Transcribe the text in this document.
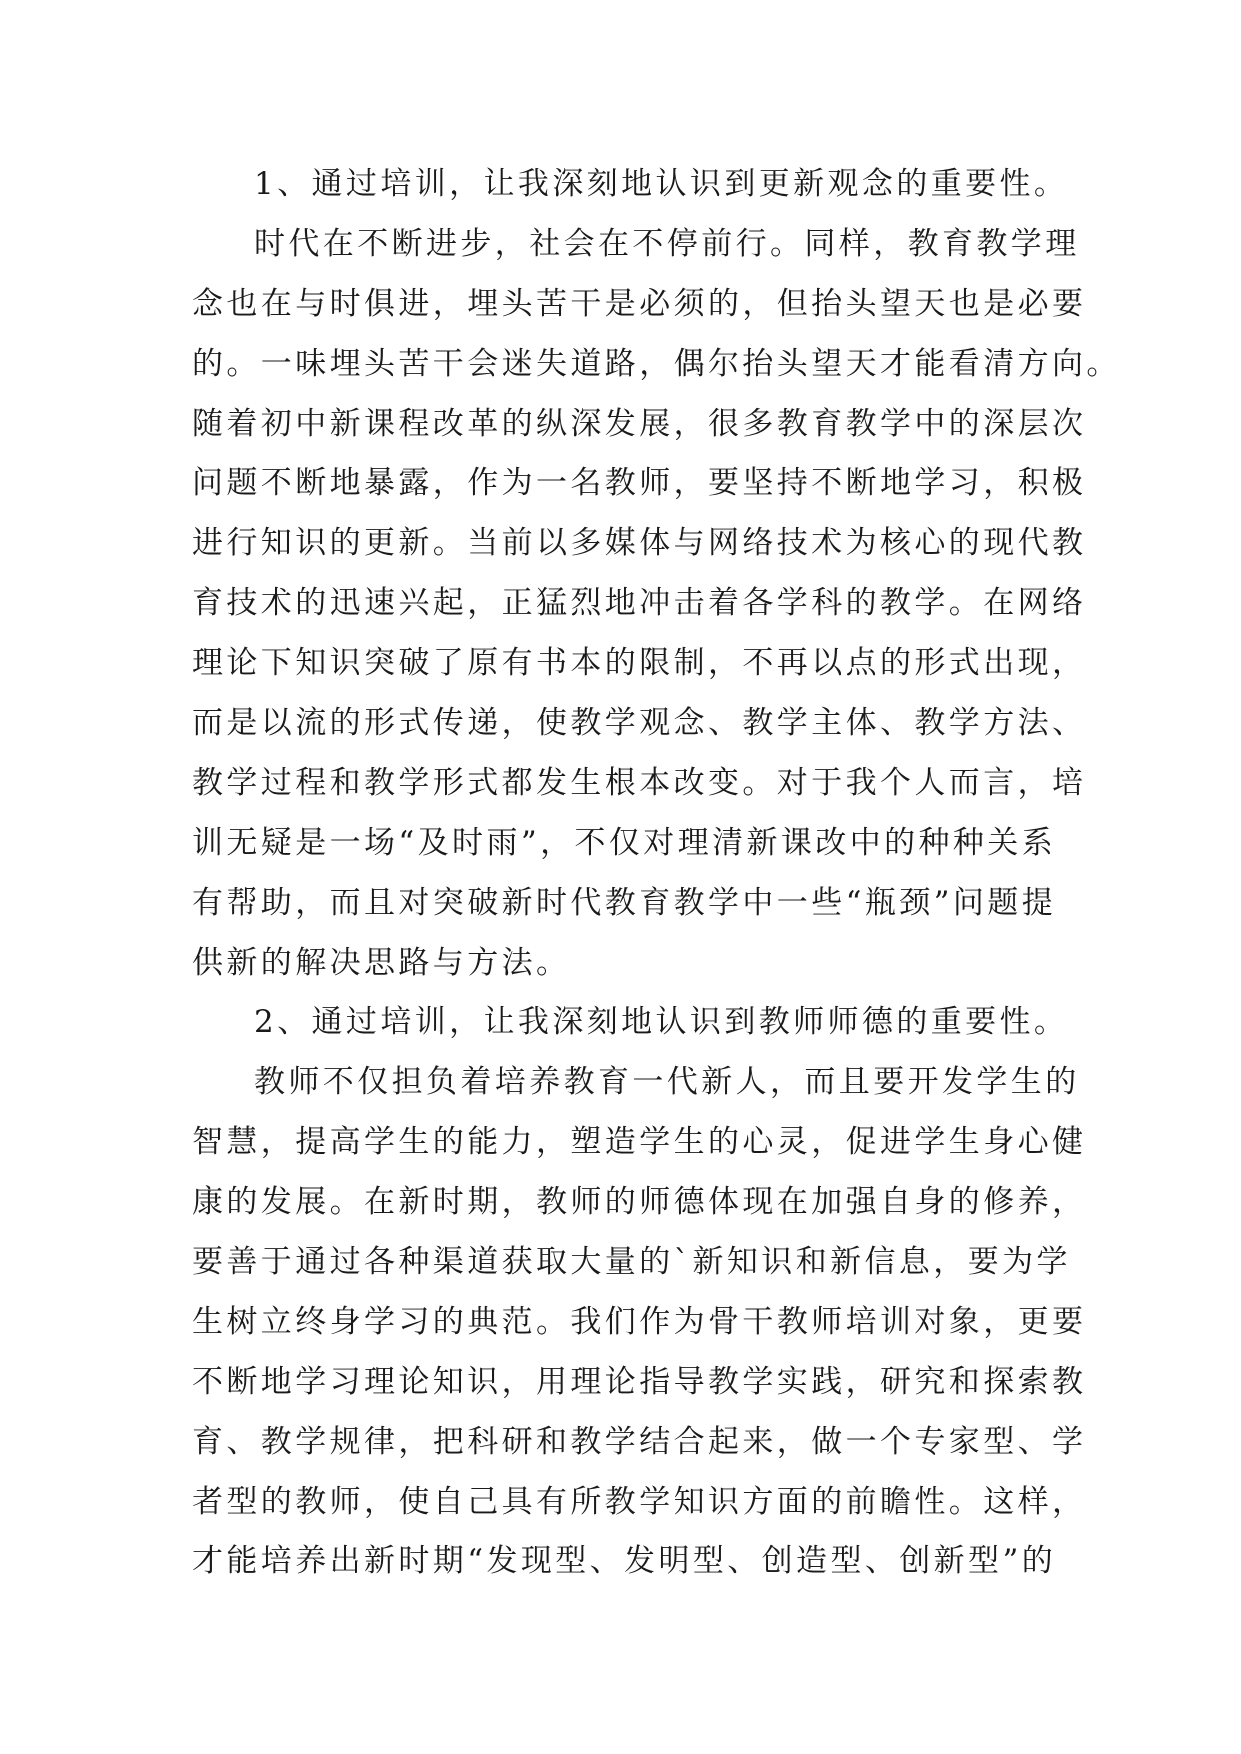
1、通过培训，让我深刻地认识到更新观念的重要性。
时代在不断进步，社会在不停前行。同样，教育教学理
念也在与时俱进，埋头苦干是必须的，但抬头望天也是必要
的。一味埋头苦干会迷失道路，偶尔抬头望天才能看清方向。
随着初中新课程改革的纵深发展，很多教育教学中的深层次
问题不断地暴露，作为一名教师，要坚持不断地学习，积极
进行知识的更新。当前以多媒体与网络技术为核心的现代教
育技术的迅速兴起，正猛烈地冲击着各学科的教学。在网络
理论下知识突破了原有书本的限制，不再以点的形式出现，
而是以流的形式传递，使教学观念、教学主体、教学方法、
教学过程和教学形式都发生根本改变。对于我个人而言，培
训无疑是一场“及时雨”，不仅对理清新课改中的种种关系
有帮助，而且对突破新时代教育教学中一些“瓶颈”问题提
供新的解决思路与方法。
2、通过培训，让我深刻地认识到教师师德的重要性。
教师不仅担负着培养教育一代新人，而且要开发学生的
智慧，提高学生的能力，塑造学生的心灵，促进学生身心健
康的发展。在新时期，教师的师德体现在加强自身的修养，
要善于通过各种渠道获取大量的`新知识和新信息，要为学
生树立终身学习的典范。我们作为骨干教师培训对象，更要
不断地学习理论知识，用理论指导教学实践，研究和探索教
育、教学规律，把科研和教学结合起来，做一个专家型、学
者型的教师，使自己具有所教学知识方面的前瞻性。这样，
才能培养出新时期“发现型、发明型、创造型、创新型”的
